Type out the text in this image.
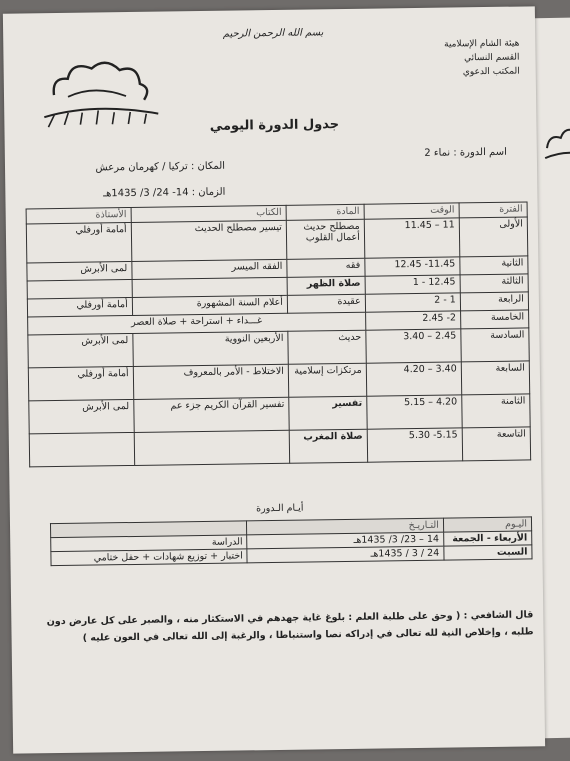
بسم الله الرحمن الرحيم
هيئة الشام الإسلامية
القسم النسائي
المكتب الدعوي
جدول الدورة اليومي
اسم الدورة : نماء 2
المكان : تركيا / كهرمان مرعش
الزمان : 14- 24/ 3/ 1435هـ
الفترة	الوقت	المادة	الكتاب	الأستاذة
الأولى	11 – 11.45	مصطلح حديث أعمال القلوب	تيسير مصطلح الحديث	أمامة أورفلي
الثانية	11.45- 12.45	فقه	الفقه الميسر	لمى الأبرش
الثالثة	12.45 - 1	صلاة الظهر		
الرابعة	1 - 2	عقيدة	أعلام السنة المشهورة	أمامة أورفلي
الخامسة	2- 2.45	غـــداء + استراحة + صلاة العصر		
السادسة	2.45 – 3.40	حديث	الأربعين النووية	لمى الأبرش
السابعة	3.40 – 4.20	مرتكزات إسلامية	الاختلاط - الأمر بالمعروف	أمامة أورفلي
الثامنة	4.20 – 5.15	تفسير	تفسير القرآن الكريم جزء عم	لمى الأبرش
التاسعة	5.15- 5.30	صلاة المغرب		
أيـام الـدورة
اليـوم	التـاريـخ	
الأربعاء - الجمعة	14 – 23/ 3/ 1435هـ	الدراسة
السبت	24 / 3 / 1435هـ	اختبار + توزيع شهادات + حفل ختامي
قال الشافعي : ( وحق على طلبة العلم : بلوغ غاية جهدهم في الاستكثار منه ، والصبر على كل عارض دون طلبه ، وإخلاص النية لله تعالى في إدراكه نصا واستنباطا ، والرغبة إلى الله تعالى في العون عليه )
